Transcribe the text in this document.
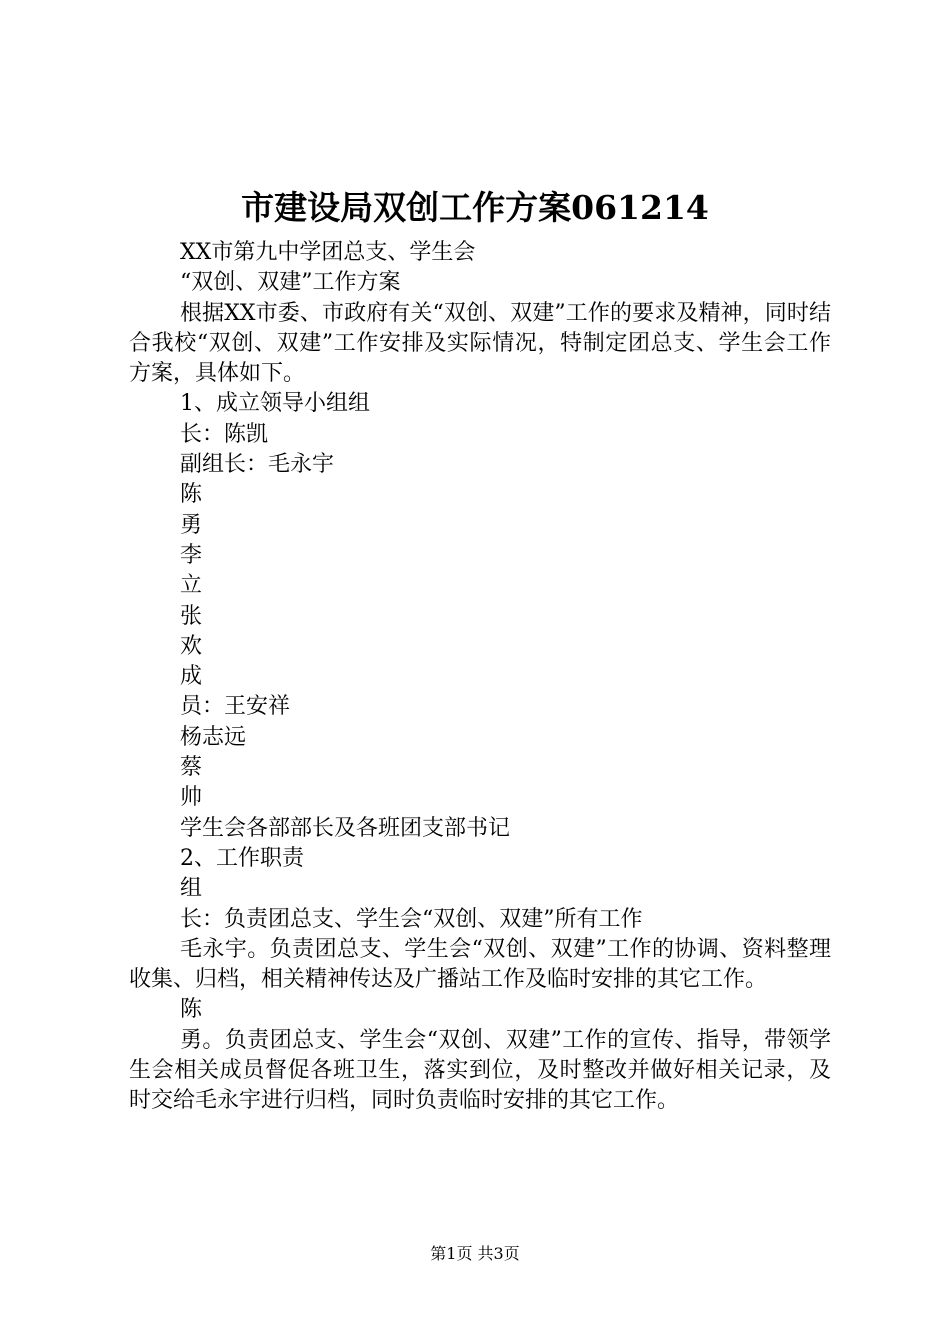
市建设局双创工作方案061214

XX市第九中学团总支、学生会

“双创、双建”工作方案

根据XX市委、市政府有关“双创、双建”工作的要求及精神，同时结合我校“双创、双建”工作安排及实际情况，特制定团总支、学生会工作方案，具体如下。

1、成立领导小组组

长：陈凯

副组长：毛永宇

陈

勇

李

立

张

欢

成

员：王安祥

杨志远

蔡

帅

学生会各部部长及各班团支部书记

2、工作职责

组

长：负责团总支、学生会“双创、双建”所有工作

毛永宇。负责团总支、学生会“双创、双建”工作的协调、资料整理收集、归档，相关精神传达及广播站工作及临时安排的其它工作。

陈

勇。负责团总支、学生会“双创、双建”工作的宣传、指导，带领学生会相关成员督促各班卫生，落实到位，及时整改并做好相关记录，及时交给毛永宇进行归档，同时负责临时安排的其它工作。

第1页 共3页
